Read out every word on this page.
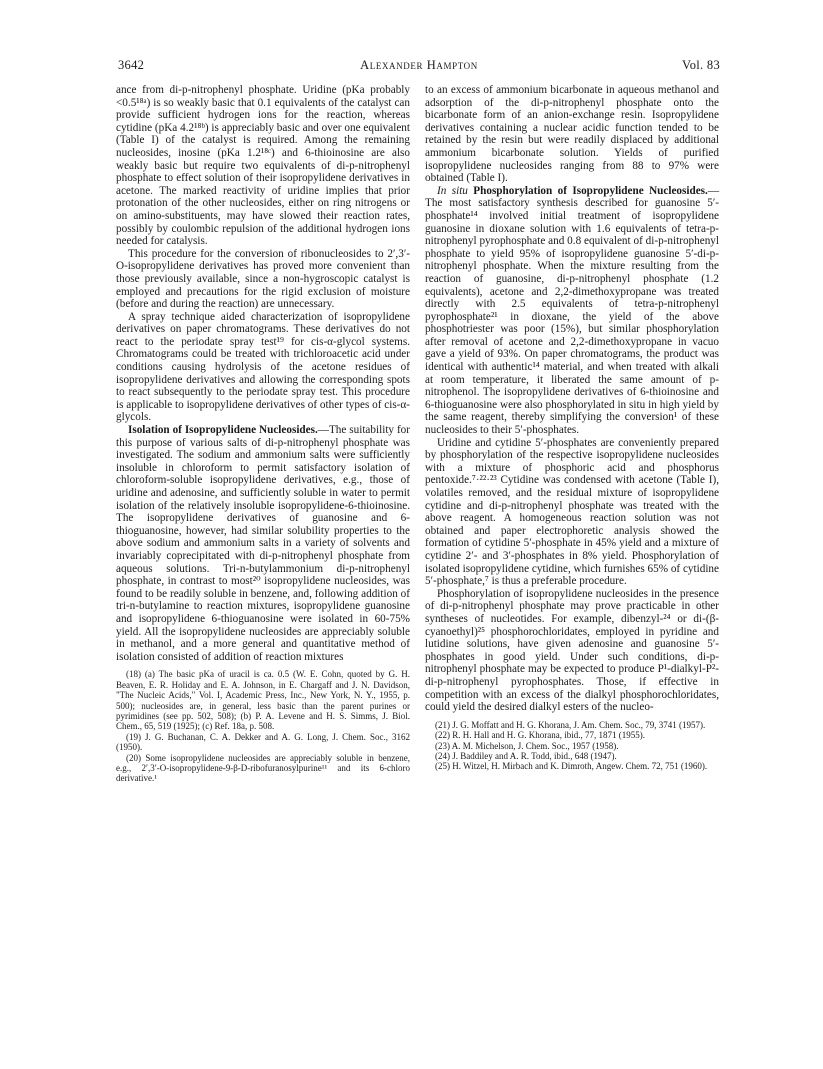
3642	Alexander Hampton	Vol. 83

ance from di-p-nitrophenyl phosphate. Uridine (pKa probably <0.5¹⁸ᵃ) is so weakly basic that 0.1 equivalents of the catalyst can provide sufficient hydrogen ions for the reaction, whereas cytidine (pKa 4.2¹⁸ᵇ) is appreciably basic and over one equivalent (Table I) of the catalyst is required. Among the remaining nucleosides, inosine (pKa 1.2¹⁸ᶜ) and 6-thioinosine are also weakly basic but require two equivalents of di-p-nitrophenyl phosphate to effect solution of their isopropylidene derivatives in acetone. The marked reactivity of uridine implies that prior protonation of the other nucleosides, either on ring nitrogens or on amino-substituents, may have slowed their reaction rates, possibly by coulombic repulsion of the additional hydrogen ions needed for catalysis.

This procedure for the conversion of ribonucleosides to 2′,3′-O-isopropylidene derivatives has proved more convenient than those previously available, since a non-hygroscopic catalyst is employed and precautions for the rigid exclusion of moisture (before and during the reaction) are unnecessary.

A spray technique aided characterization of isopropylidene derivatives on paper chromatograms. These derivatives do not react to the periodate spray test¹⁹ for cis-α-glycol systems. Chromatograms could be treated with trichloroacetic acid under conditions causing hydrolysis of the acetone residues of isopropylidene derivatives and allowing the corresponding spots to react subsequently to the periodate spray test. This procedure is applicable to isopropylidene derivatives of other types of cis-α-glycols.

Isolation of Isopropylidene Nucleosides.—The suitability for this purpose of various salts of di-p-nitrophenyl phosphate was investigated. The sodium and ammonium salts were sufficiently insoluble in chloroform to permit satisfactory isolation of chloroform-soluble isopropylidene derivatives, e.g., those of uridine and adenosine, and sufficiently soluble in water to permit isolation of the relatively insoluble isopropylidene-6-thioinosine. The isopropylidene derivatives of guanosine and 6-thioguanosine, however, had similar solubility properties to the above sodium and ammonium salts in a variety of solvents and invariably coprecipitated with di-p-nitrophenyl phosphate from aqueous solutions. Tri-n-butylammonium di-p-nitrophenyl phosphate, in contrast to most²⁰ isopropylidene nucleosides, was found to be readily soluble in benzene, and, following addition of tri-n-butylamine to reaction mixtures, isopropylidene guanosine and isopropylidene 6-thioguanosine were isolated in 60-75% yield. All the isopropylidene nucleosides are appreciably soluble in methanol, and a more general and quantitative method of isolation consisted of addition of reaction mixtures

(18) (a) The basic pKa of uracil is ca. 0.5 (W. E. Cohn, quoted by G. H. Beaven, E. R. Holiday and E. A. Johnson, in E. Chargaff and J. N. Davidson, "The Nucleic Acids," Vol. I, Academic Press, Inc., New York, N. Y., 1955, p. 500); nucleosides are, in general, less basic than the parent purines or pyrimidines (see pp. 502, 508); (b) P. A. Levene and H. S. Simms, J. Biol. Chem., 65, 519 (1925); (c) Ref. 18a, p. 508.

(19) J. G. Buchanan, C. A. Dekker and A. G. Long, J. Chem. Soc., 3162 (1950).

(20) Some isopropylidene nucleosides are appreciably soluble in benzene, e.g., 2′,3′-O-isopropylidene-9-β-D-ribofuranosylpurine¹¹ and its 6-chloro derivative.¹

to an excess of ammonium bicarbonate in aqueous methanol and adsorption of the di-p-nitrophenyl phosphate onto the bicarbonate form of an anion-exchange resin. Isopropylidene derivatives containing a nuclear acidic function tended to be retained by the resin but were readily displaced by additional ammonium bicarbonate solution. Yields of purified isopropylidene nucleosides ranging from 88 to 97% were obtained (Table I).

In situ Phosphorylation of Isopropylidene Nucleosides.—The most satisfactory synthesis described for guanosine 5′-phosphate¹⁴ involved initial treatment of isopropylidene guanosine in dioxane solution with 1.6 equivalents of tetra-p-nitrophenyl pyrophosphate and 0.8 equivalent of di-p-nitrophenyl phosphate to yield 95% of isopropylidene guanosine 5′-di-p-nitrophenyl phosphate. When the mixture resulting from the reaction of guanosine, di-p-nitrophenyl phosphate (1.2 equivalents), acetone and 2,2-dimethoxypropane was treated directly with 2.5 equivalents of tetra-p-nitrophenyl pyrophosphate²¹ in dioxane, the yield of the above phosphotriester was poor (15%), but similar phosphorylation after removal of acetone and 2,2-dimethoxypropane in vacuo gave a yield of 93%. On paper chromatograms, the product was identical with authentic¹⁴ material, and when treated with alkali at room temperature, it liberated the same amount of p-nitrophenol. The isopropylidene derivatives of 6-thioinosine and 6-thioguanosine were also phosphorylated in situ in high yield by the same reagent, thereby simplifying the conversion¹ of these nucleosides to their 5′-phosphates.

Uridine and cytidine 5′-phosphates are conveniently prepared by phosphorylation of the respective isopropylidene nucleosides with a mixture of phosphoric acid and phosphorus pentoxide.⁷·²²·²³ Cytidine was condensed with acetone (Table I), volatiles removed, and the residual mixture of isopropylidene cytidine and di-p-nitrophenyl phosphate was treated with the above reagent. A homogeneous reaction solution was not obtained and paper electrophoretic analysis showed the formation of cytidine 5′-phosphate in 45% yield and a mixture of cytidine 2′- and 3′-phosphates in 8% yield. Phosphorylation of isolated isopropylidene cytidine, which furnishes 65% of cytidine 5′-phosphate,⁷ is thus a preferable procedure.

Phosphorylation of isopropylidene nucleosides in the presence of di-p-nitrophenyl phosphate may prove practicable in other syntheses of nucleotides. For example, dibenzyl-²⁴ or di-(β-cyanoethyl)²⁵ phosphorochloridates, employed in pyridine and lutidine solutions, have given adenosine and guanosine 5′-phosphates in good yield. Under such conditions, di-p-nitrophenyl phosphate may be expected to produce P¹-dialkyl-P²-di-p-nitrophenyl pyrophosphates. Those, if effective in competition with an excess of the dialkyl phosphorochloridates, could yield the desired dialkyl esters of the nucleo-

(21) J. G. Moffatt and H. G. Khorana, J. Am. Chem. Soc., 79, 3741 (1957).

(22) R. H. Hall and H. G. Khorana, ibid., 77, 1871 (1955).

(23) A. M. Michelson, J. Chem. Soc., 1957 (1958).

(24) J. Baddiley and A. R. Todd, ibid., 648 (1947).

(25) H. Witzel, H. Mirbach and K. Dimroth, Angew. Chem. 72, 751 (1960).
